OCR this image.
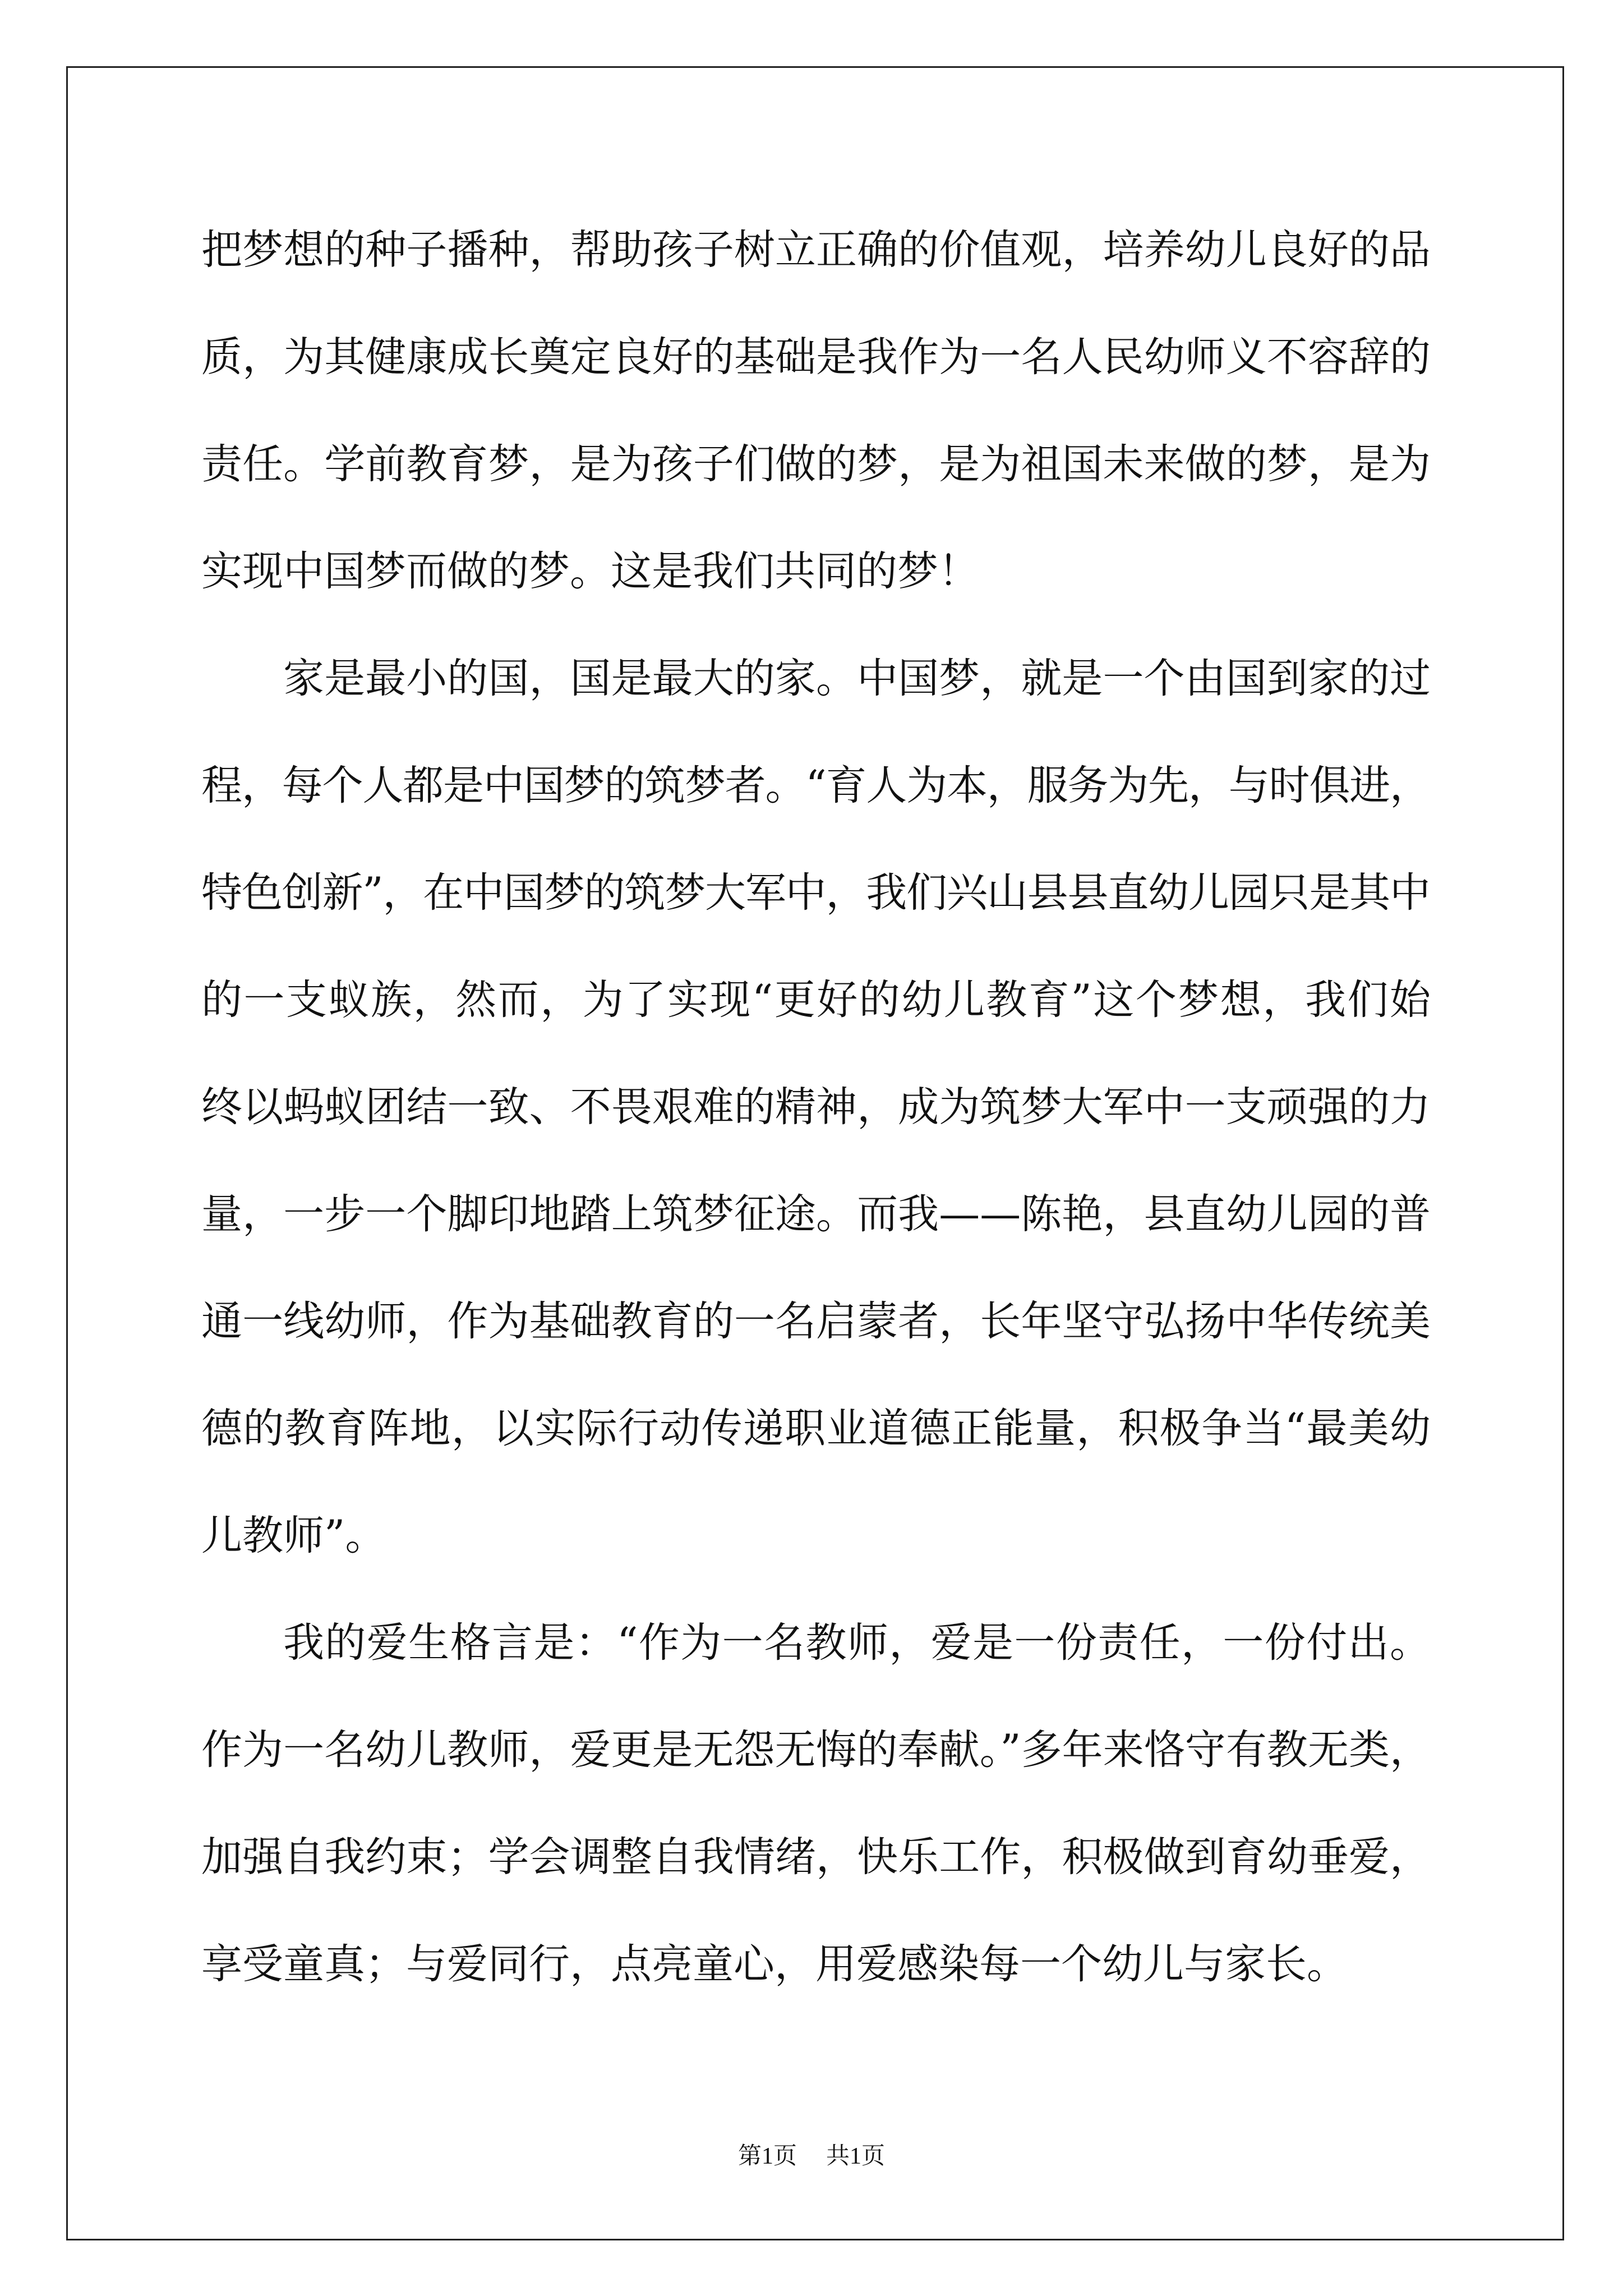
把梦想的种子播种，帮助孩子树立正确的价值观，培养幼儿良好的品
质，为其健康成长奠定良好的基础是我作为一名人民幼师义不容辞的
责任。学前教育梦，是为孩子们做的梦，是为祖国未来做的梦，是为
实现中国梦而做的梦。这是我们共同的梦！
家是最小的国，国是最大的家。中国梦，就是一个由国到家的过
程，每个人都是中国梦的筑梦者。“育人为本，服务为先，与时俱进，
特色创新”，在中国梦的筑梦大军中，我们兴山县县直幼儿园只是其中
的一支蚁族，然而，为了实现“更好的幼儿教育”这个梦想，我们始
终以蚂蚁团结一致、不畏艰难的精神，成为筑梦大军中一支顽强的力
量，一步一个脚印地踏上筑梦征途。而我——陈艳，县直幼儿园的普
通一线幼师，作为基础教育的一名启蒙者，长年坚守弘扬中华传统美
德的教育阵地，以实际行动传递职业道德正能量，积极争当“最美幼
儿教师”。
我的爱生格言是：“作为一名教师，爱是一份责任，一份付出。
作为一名幼儿教师，爱更是无怨无悔的奉献。”多年来恪守有教无类，
加强自我约束；学会调整自我情绪，快乐工作，积极做到育幼垂爱，
享受童真；与爱同行，点亮童心，用爱感染每一个幼儿与家长。
第1页 共1页
